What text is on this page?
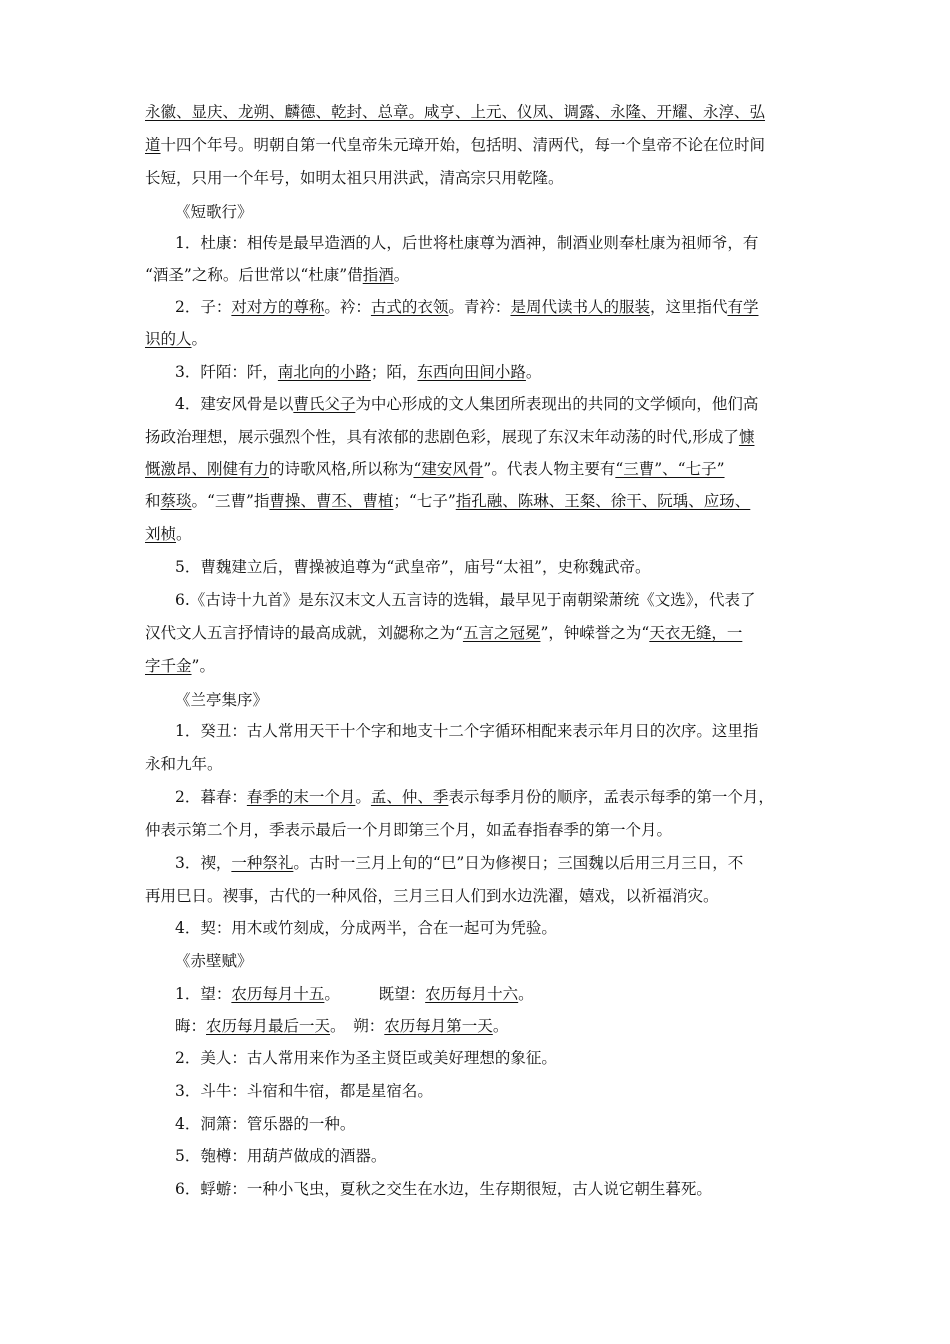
永徽、显庆、龙朔、麟德、乾封、总章。咸亨、上元、仪凤、调露、永隆、开耀、永淳、弘
道十四个年号。明朝自第一代皇帝朱元璋开始，包括明、清两代，每一个皇帝不论在位时间
长短，只用一个年号，如明太祖只用洪武，清高宗只用乾隆。
《短歌行》
1．杜康：相传是最早造酒的人，后世将杜康尊为酒神，制酒业则奉杜康为祖师爷，有
“酒圣”之称。后世常以“杜康”借指酒。
2．子：对对方的尊称。衿：古式的衣领。青衿：是周代读书人的服装，这里指代有学
识的人。
3．阡陌：阡，南北向的小路；陌，东西向田间小路。
4．建安风骨是以曹氏父子为中心形成的文人集团所表现出的共同的文学倾向，他们高
扬政治理想，展示强烈个性，具有浓郁的悲剧色彩，展现了东汉末年动荡的时代,形成了慷
慨激昂、刚健有力的诗歌风格,所以称为“建安风骨”。代表人物主要有“三曹”、“七子”
和蔡琰。“三曹”指曹操、曹丕、曹植；“七子”指孔融、陈琳、王粲、徐干、阮瑀、应玚、
刘桢。
5．曹魏建立后，曹操被追尊为“武皇帝”，庙号“太祖”，史称魏武帝。
6.《古诗十九首》是东汉末文人五言诗的选辑，最早见于南朝梁萧统《文选》，代表了
汉代文人五言抒情诗的最高成就，刘勰称之为“五言之冠冕”，钟嵘誉之为“天衣无缝，一
字千金”。
《兰亭集序》
1．癸丑：古人常用天干十个字和地支十二个字循环相配来表示年月日的次序。这里指
永和九年。
2．暮春：春季的末一个月。孟、仲、季表示每季月份的顺序，孟表示每季的第一个月，
仲表示第二个月，季表示最后一个月即第三个月，如孟春指春季的第一个月。
3．禊，一种祭礼。古时一三月上旬的“巳”日为修禊日；三国魏以后用三月三日，不
再用巳日。禊事，古代的一种风俗，三月三日人们到水边洗濯，嬉戏，以祈福消灾。
4．契：用木或竹刻成，分成两半，合在一起可为凭验。
《赤壁赋》
1．望：农历每月十五。　　　既望：农历每月十六。
晦：农历每月最后一天。　朔：农历每月第一天。
2．美人：古人常用来作为圣主贤臣或美好理想的象征。
3．斗牛：斗宿和牛宿，都是星宿名。
4．洞箫：管乐器的一种。
5．匏樽：用葫芦做成的酒器。
6．蜉蝣：一种小飞虫，夏秋之交生在水边，生存期很短，古人说它朝生暮死。
